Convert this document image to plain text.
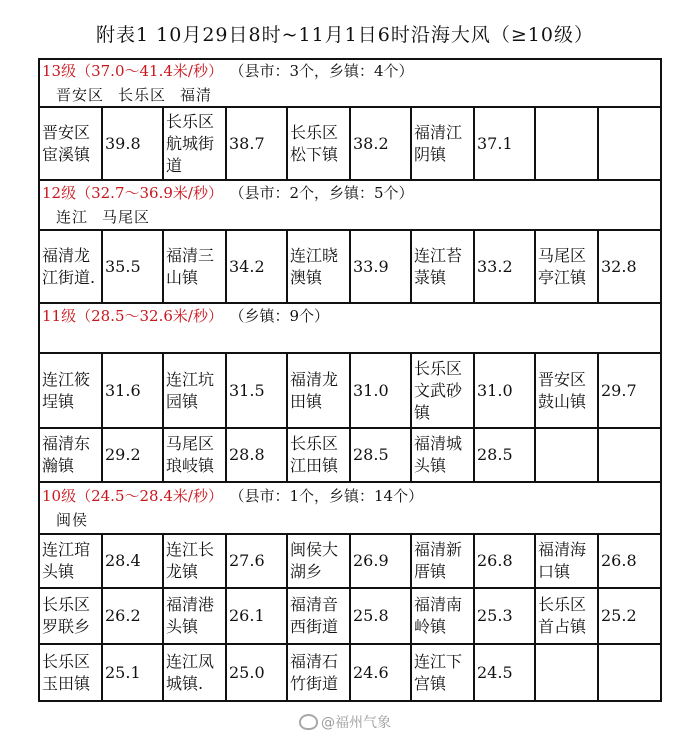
附表1 10月29日8时~11月1日6时沿海大风（≥10级）
13级（37.0～41.4米/秒） （县市：3个，乡镇：4个）
晋安区 长乐区 福清									

晋安区宦溪镇	39.8	长乐区航城街道	38.7	长乐区松下镇	38.2	福清江阴镇	37.1		
12级（32.7～36.9米/秒） （县市：2个，乡镇：5个）
连江 马尾区									

福清龙江街道.	35.5	福清三山镇	34.2	连江晓澳镇	33.9	连江苔菉镇	33.2	马尾区亭江镇	32.8
11级（28.5～32.6米/秒） （乡镇：9个）									

连江筱埕镇	31.6	连江坑园镇	31.5	福清龙田镇	31.0	长乐区文武砂镇	31.0	晋安区鼓山镇	29.7
福清东瀚镇	29.2	马尾区琅岐镇	28.8	长乐区江田镇	28.5	福清城头镇	28.5		
10级（24.5～28.4米/秒） （县市：1个，乡镇：14个）
闽侯									

连江琯头镇	28.4	连江长龙镇	27.6	闽侯大湖乡	26.9	福清新厝镇	26.8	福清海口镇	26.8
长乐区罗联乡	26.2	福清港头镇	26.1	福清音西街道	25.8	福清南岭镇	25.3	长乐区首占镇	25.2
长乐区玉田镇	25.1	连江凤城镇.	25.0	福清石竹街道	24.6	连江下宫镇	24.5		
@福州气象
